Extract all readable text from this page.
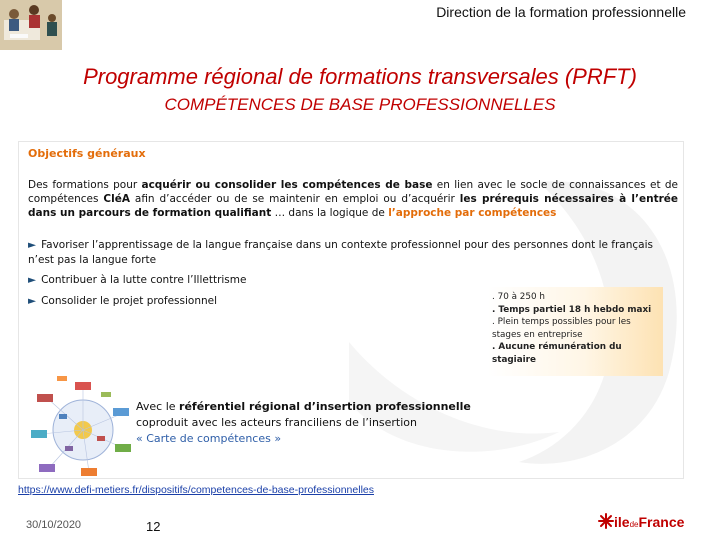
Direction de la formation professionnelle
Programme régional de formations transversales (PRFT)
COMPÉTENCES DE BASE PROFESSIONNELLES
Objectifs généraux
Des formations pour acquérir ou consolider les compétences de base en lien avec le socle de connaissances et de compétences CléA afin d’accéder ou de se maintenir en emploi ou d’acquérir les prérequis nécessaires à l’entrée dans un parcours de formation qualifiant … dans la logique de l’approche par compétences
► Favoriser l’apprentissage de la langue française dans un contexte professionnel pour des personnes dont le français n’est pas la langue forte
► Contribuer à la lutte contre l’Illettrisme
► Consolider le projet professionnel	. 70 à 250 h
. Temps partiel 18 h hebdo maxi
. Plein temps possibles pour les stages en entreprise
. Aucune rémunération du stagiaire
Avec le référentiel régional d’insertion professionnelle
coproduit avec les acteurs franciliens de l’insertion
« Carte de compétences »
https://www.defi-metiers.fr/dispositifs/competences-de-base-professionnelles
30/10/2020	12	iledeFrance
